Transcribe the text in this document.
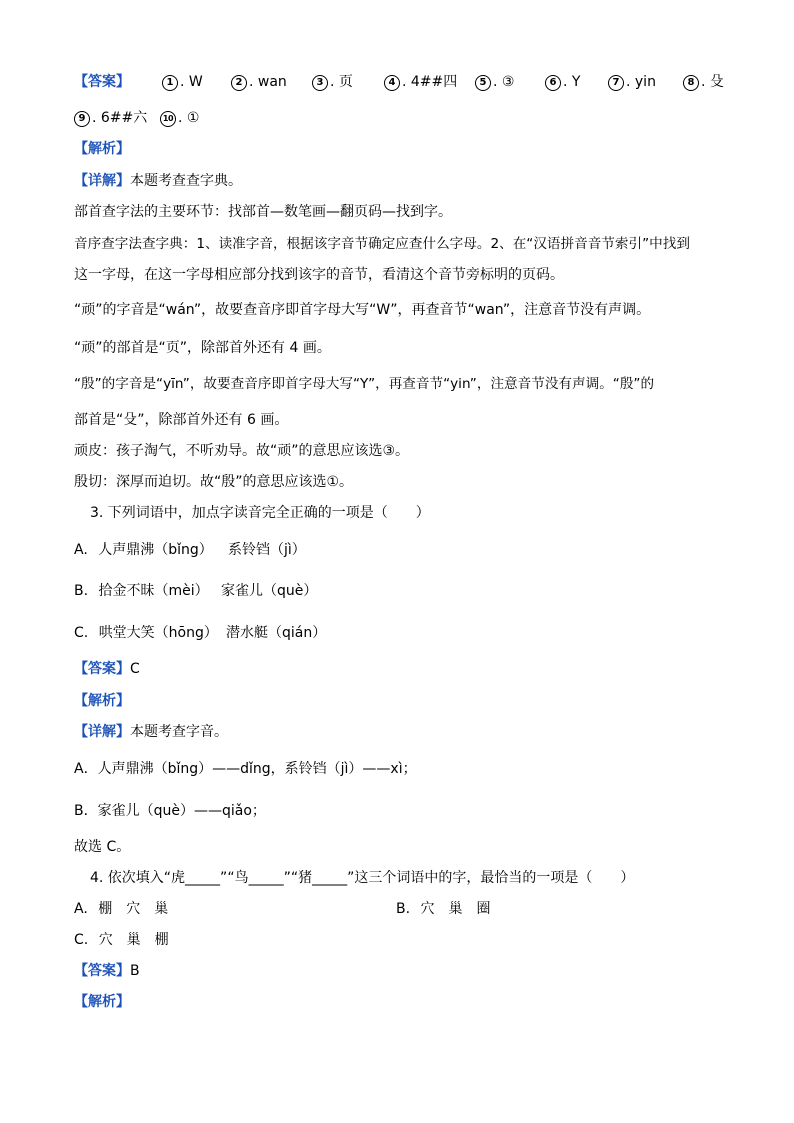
【答案】	1 . W	2 . wan	3 . 页	4 . 4##四	5 . ③	6 . Y	7 . yin	8 . 殳
9 . 6##六	10 . ①
【解析】
【详解】本题考查查字典。
部首查字法的主要环节：找部首—数笔画—翻页码—找到字。
音序查字法查字典：1、读准字音，根据该字音节确定应查什么字母。2、在“汉语拼音音节索引”中找到
这一字母，在这一字母相应部分找到该字的音节，看清这个音节旁标明的页码。
“顽”的字音是“wán”，故要查音序即首字母大写“W”，再查音节“wan”，注意音节没有声调。
“顽”的部首是“页”，除部首外还有 4 画。
“殷”的字音是“yīn”，故要查音序即首字母大写“Y”，再查音节“yin”，注意音节没有声调。“殷”的
部首是“殳”，除部首外还有 6 画。
顽皮：孩子淘气，不听劝导。故“顽”的意思应该选③。
殷切：深厚而迫切。故“殷”的意思应该选①。
3. 下列词语中，加点字读音完全正确的一项是（　　）
A. 人声鼎沸（bǐng） 系铃铛（jì）
B. 拾金不昧（mèi） 家雀儿（què）
C. 哄堂大笑（hōng） 潜水艇（qián）
【答案】C
【解析】
【详解】本题考查字音。
A．人声鼎沸（bǐng）——dǐng，系铃铛（jì）——xì；
B．家雀儿（què）——qiǎo；
故选 C。
4. 依次填入“虎_____”“鸟_____”“猪_____”这三个词语中的字，最恰当的一项是（　　）
A. 棚　穴　巢	B. 穴　巢　圈
C. 穴　巢　棚
【答案】B
【解析】
